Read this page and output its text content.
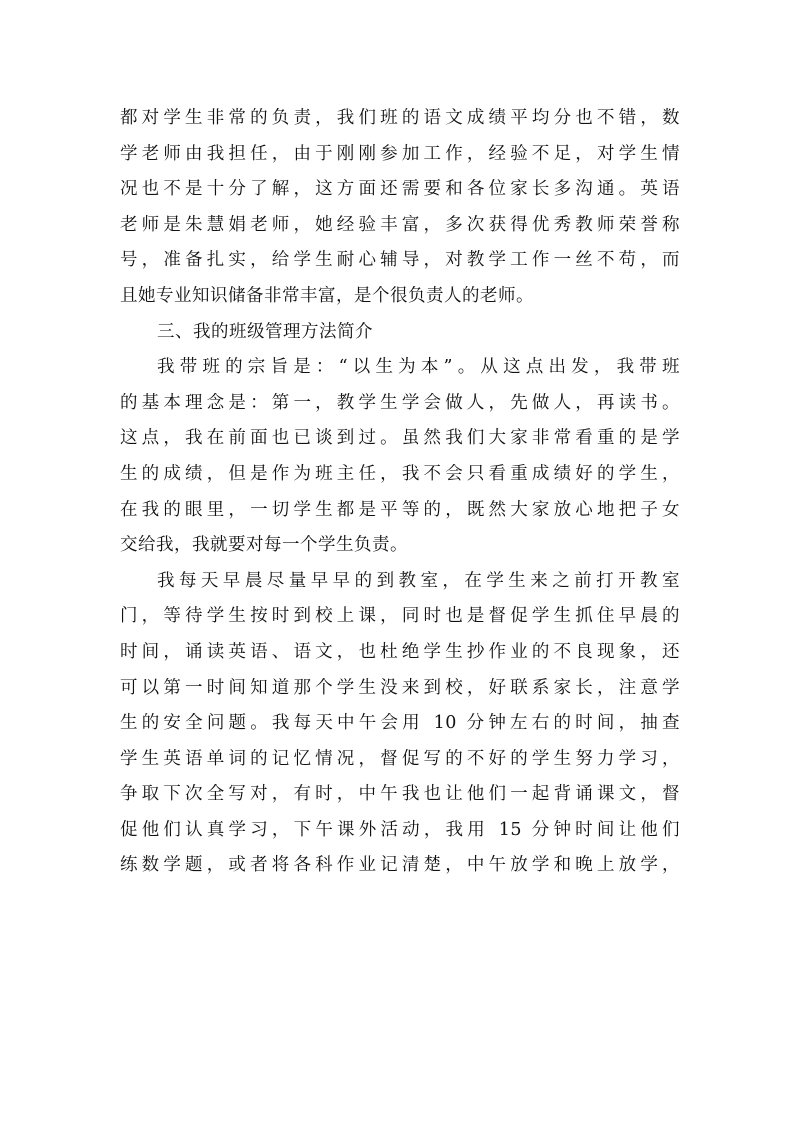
都对学生非常的负责，我们班的语文成绩平均分也不错，数
学老师由我担任，由于刚刚参加工作，经验不足，对学生情
况也不是十分了解，这方面还需要和各位家长多沟通。英语
老师是朱慧娟老师，她经验丰富，多次获得优秀教师荣誉称
号，准备扎实，给学生耐心辅导，对教学工作一丝不苟，而
且她专业知识储备非常丰富，是个很负责人的老师。
三、我的班级管理方法简介
我带班的宗旨是：“以生为本”。从这点出发，我带班
的基本理念是：第一，教学生学会做人，先做人，再读书。
这点，我在前面也已谈到过。虽然我们大家非常看重的是学
生的成绩，但是作为班主任，我不会只看重成绩好的学生，
在我的眼里，一切学生都是平等的，既然大家放心地把子女
交给我，我就要对每一个学生负责。
我每天早晨尽量早早的到教室，在学生来之前打开教室
门，等待学生按时到校上课，同时也是督促学生抓住早晨的
时间，诵读英语、语文，也杜绝学生抄作业的不良现象，还
可以第一时间知道那个学生没来到校，好联系家长，注意学
生的安全问题。我每天中午会用 10 分钟左右的时间，抽查
学生英语单词的记忆情况，督促写的不好的学生努力学习，
争取下次全写对，有时，中午我也让他们一起背诵课文，督
促他们认真学习，下午课外活动，我用 15 分钟时间让他们
练数学题，或者将各科作业记清楚，中午放学和晚上放学，
